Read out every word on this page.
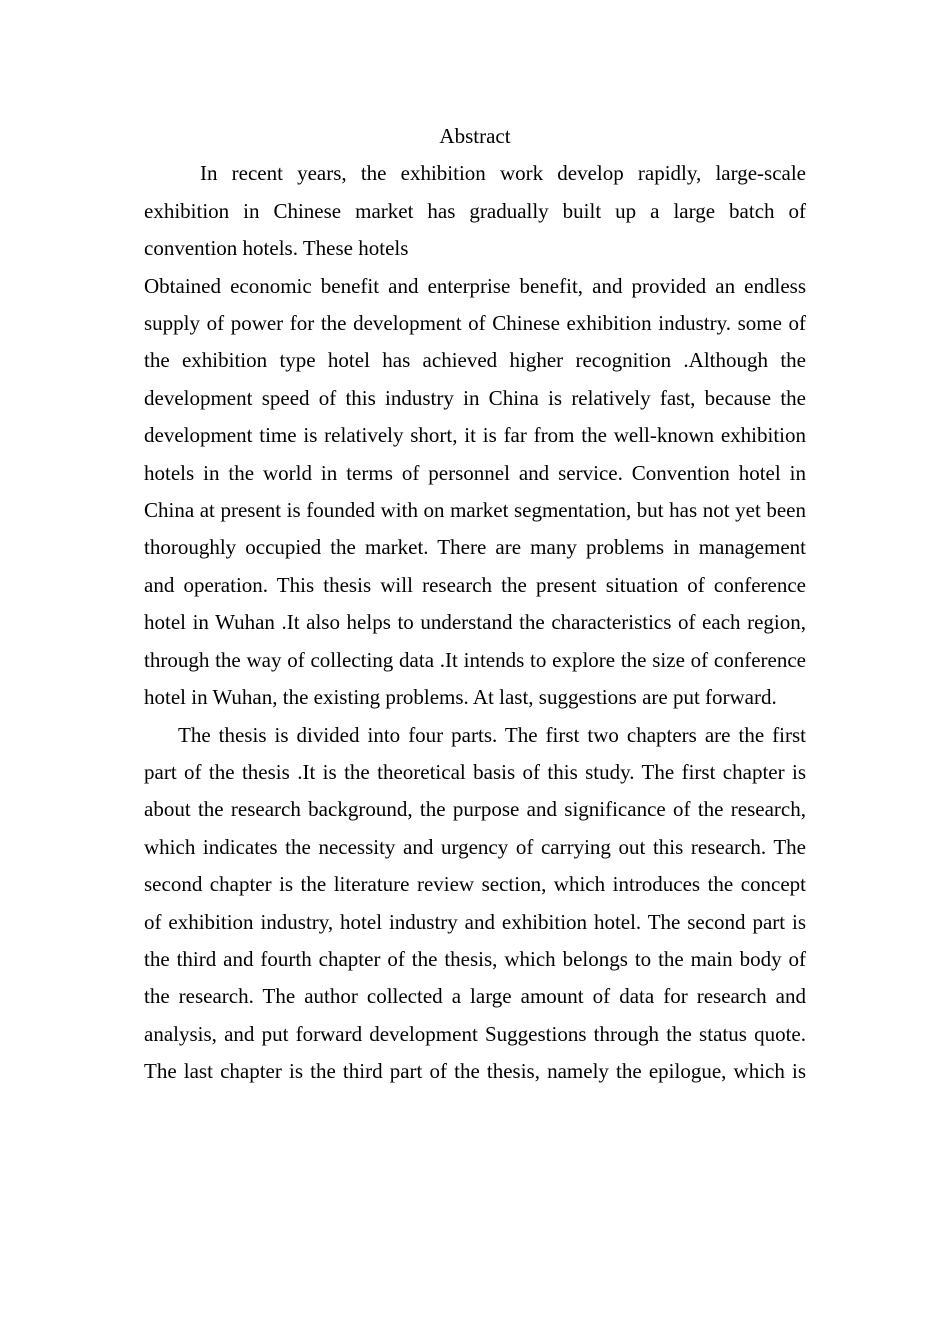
Abstract

In recent years, the exhibition work develop rapidly, large-scale exhibition in Chinese market has gradually built up a large batch of convention hotels. These hotels

Obtained economic benefit and enterprise benefit, and provided an endless supply of power for the development of Chinese exhibition industry. some of the exhibition type hotel has achieved higher recognition .Although the development speed of this industry in China is relatively fast, because the development time is relatively short, it is far from the well-known exhibition hotels in the world in terms of personnel and service. Convention hotel in China at present is founded with on market segmentation, but has not yet been thoroughly occupied the market. There are many problems in management and operation. This thesis will research the present situation of conference hotel in Wuhan .It also helps to understand the characteristics of each region, through the way of collecting data .It intends to explore the size of conference hotel in Wuhan, the existing problems. At last, suggestions are put forward.

The thesis is divided into four parts. The first two chapters are the first part of the thesis .It is the theoretical basis of this study. The first chapter is about the research background, the purpose and significance of the research, which indicates the necessity and urgency of carrying out this research. The second chapter is the literature review section, which introduces the concept of exhibition industry, hotel industry and exhibition hotel. The second part is the third and fourth chapter of the thesis, which belongs to the main body of the research. The author collected a large amount of data for research and analysis, and put forward development Suggestions through the status quote. The last chapter is the third part of the thesis, namely the epilogue, which is
